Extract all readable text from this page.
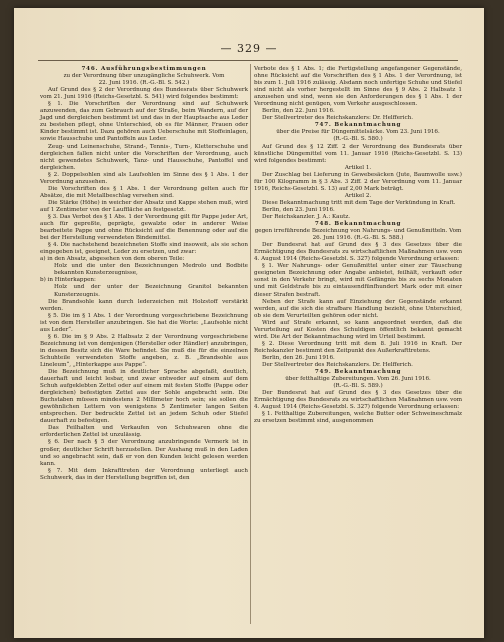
— 329 —
746. Ausführungsbestimmungen
zu der Verordnung über unzugängliche Schuhwerk. Vom
22. Juni 1916. (R.-G.-Bl. S. 542.)
Auf Grund des § 2 der Verordnung des Bundesrats über Schuhwerk vom 21. Juni 1916 (Reichs-Gesetzbl. S. 541) wird folgendes bestimmt:
§ 1. Die Vorschriften der Verordnung sind auf Schuhwerk anzuwenden, das zum Gebrauch auf der Straße, beim Wandern, auf der Jagd und dergleichen bestimmt ist und das in der Hauptsache aus Leder zu bestehen pflegt, ohne Unterschied, ob es für Männer, Frauen oder Kinder bestimmt ist. Dazu gehören auch Ueberschuhe mit Stoffeinlagen, sowie Hausschuhe und Pantoffeln aus Leder.
Zeug- und Leinenschuhe, Strand-, Tennis-, Turn-, Kletterschuhe und dergleichen fallen nicht unter die Vorschriften der Verordnung, auch nicht gewendetes Schuhwerk, Tanz- und Hausschuhe, Pantoffel und dergleichen.
§ 2. Doppelsohlen sind als Laufsohlen im Sinne des § 1 Abs. 1 der Verordnung anzusehen.
Die Vorschriften des § 1 Abs. 1 der Verordnung gelten auch für Absätze, die mit Metallbeschlag versehen sind.
Die Stärke (Höhe) in weicher der Absatz und Kappe stehen muß, wird auf 1 Zentimeter von der Lauffläche an festgesetzt.
§ 3. Das Verbot des § 1 Abs. 1 der Verordnung gilt für Pappe jeder Art, auch für gepreßte, geprägte, gewalzte oder in anderer Weise bearbeitete Pappe und ohne Rücksicht auf die Benennung oder auf die bei der Herstellung verwendeten Bindemittel.
§ 4. Die nachstehend bezeichneten Stoffe sind insoweit, als sie schon eingegeben ist, geeignet, Leder zu ersetzen, und zwar:
a) in den Absatz, abgesehen von dem oberen Teile:
Holz und die unter den Bezeichnungen Medrolo und Bodbite bekannten Kunsterzeugnisse,
b) in Hinterkappen:
Holz und der unter der Bezeichnung Granitol bekannten Kunsterzeugnis.
Die Brandsohle kann durch lederzeichen mit Holzstoff verstärkt werden.
§ 5. Die im § 1 Abs. 1 der Verordnung vorgeschriebene Bezeichnung ist von dem Hersteller anzubringen. Sie hat die Worte: „Laufsohle nicht aus Leder“.
§ 6. Die im § 9 Abs. 2 Halbsatz 2 der Verordnung vorgeschriebene Bezeichnung ist von demjenigen (Hersteller oder Händler) anzubringen, in dessen Besitz sich die Ware befindet. Sie muß die für die einzelnen Schuhteile verwendeten Stoffe angeben, z. B. „Brandsohle aus Lineleum“, „Hinterkappe aus Pappe“.
Die Bezeichnung muß in deutlicher Sprache abgefaßt, deutlich, dauerhaft und leicht lesbar, und zwar entweder auf einem auf dem Schuh aufgeklebten Zettel oder auf einem mit festen Stoffe (Pappe oder dergleichen) befestigten Zettel aus der Sohle angebracht sein. Die Buchstaben müssen mindestens 2 Millimeter hoch sein; sie sollen die gewöhnlichen Lettern von wenigstens 5 Zentimeter langen Seiten entsprechen. Der bedruckte Zettel ist an jedem Schuh oder Stiefel dauerhaft zu befestigen.
Das Feilhalten und Verkaufen von Schuhwaren ohne die erforderlichen Zettel ist unzulässig.
§ 6. Der nach § 5 der Verordnung anzubringende Vermerk ist in großer, deutlicher Schrift herzustellen. Der Aushang muß in den Laden und so angebracht sein, daß er von den Kunden leicht gelesen werden kann.
§ 7. Mit dem Inkrafttreten der Verordnung unterliegt auch Schuhwerk, das in der Herstellung begriffen ist, den
Verbote des § 1 Abs. 1; die Fertigstellung angefangener Gegenstände, ohne Rücksicht auf die Vorschriften des § 1 Abs. 1 der Verordnung, ist bis zum 1. Juli 1916 zulässig. Alsdann noch unfertige Schuhe und Stiefel sind nicht als vorher hergestellt im Sinne des § 9 Abs. 2 Halbsatz 1 anzusehen und sind, wenn sie den Anforderungen des § 1 Abs. 1 der Verordnung nicht genügen, vom Verkehr ausgeschlossen.
Berlin, den 22. Juni 1916.
Der Stellvertreter des Reichskanzlers: Dr. Helfferich.
747. Bekanntmachung
über die Preise für Düngemittelsäcke. Vom 23. Juni 1916.
(R.-G.-Bl. S. 580.)
Auf Grund des § 12 Ziff. 2 der Verordnung des Bundesrats über künstliche Düngemittel vom 11. Januar 1916 (Reichs-Gesetzbl. S. 13) wird folgendes bestimmt:
Artikel 1.
Der Zuschlag bei Lieferung in Gewebesäcken (Jute, Baumwolle usw.) für 100 Kilogramm in § 3 Abs. 3 Ziff. 2 der Verordnung vom 11. Januar 1916, Reichs-Gesetzbl. S. 13) auf 2,00 Mark beträgt.
Artikel 2.
Diese Bekanntmachung tritt mit dem Tage der Verkündung in Kraft.
Berlin, den 23. Juni 1916.
Der Reichskanzler. J. A.: Kautz.
748. Bekanntmachung
gegen irreführende Bezeichnung von Nahrungs- und Genußmitteln. Vom 26. Juni 1916. (R.-G.-Bl. S. 588.)
Der Bundesrat hat auf Grund des § 3 des Gesetzes über die Ermächtigung des Bundesrats zu wirtschaftlichen Maßnahmen usw. vom 4. August 1914 (Reichs-Gesetzbl. S. 327) folgende Verordnung erlassen:
§ 1. Wer Nahrungs- oder Genußmittel unter einer zur Täuschung geeigneten Bezeichnung oder Angabe anbietet, feilhält, verkauft oder sonst in den Verkehr bringt, wird mit Gefängnis bis zu sechs Monaten und mit Geldstrafe bis zu eintausendfünfhundert Mark oder mit einer dieser Strafen bestraft.
Neben der Strafe kann auf Einziehung der Gegenstände erkannt werden, auf die sich die strafbare Handlung bezieht, ohne Unterschied, ob sie dem Verurteilten gehören oder nicht.
Wird auf Strafe erkannt, so kann angeordnet werden, daß die Verurteilung auf Kosten des Schuldigen öffentlich bekannt gemacht wird. Die Art der Bekanntmachung wird im Urteil bestimmt.
§ 2. Diese Verordnung tritt mit dem 8. Juli 1916 in Kraft. Der Reichskanzler bestimmt den Zeitpunkt des Außerkrafttretens.
Berlin, den 26. Juni 1916.
Der Stellvertreter des Reichskanzlers. Dr. Helfferich.
749. Bekanntmachung
über fetthaltige Zubereitungen. Vom 26. Juni 1916.
(R.-G.-Bl. S. 589.)
Der Bundesrat hat auf Grund des § 3 des Gesetzes über die Ermächtigung des Bundesrats zu wirtschaftlichen Maßnahmen usw. vom 4. August 1914 (Reichs-Gesetzbl. S. 327) folgende Verordnung erlassen:
§ 1. Fetthaltige Zubereitungen, welche Butter oder Schweineschmalz zu ersetzen bestimmt sind, ausgenommen
